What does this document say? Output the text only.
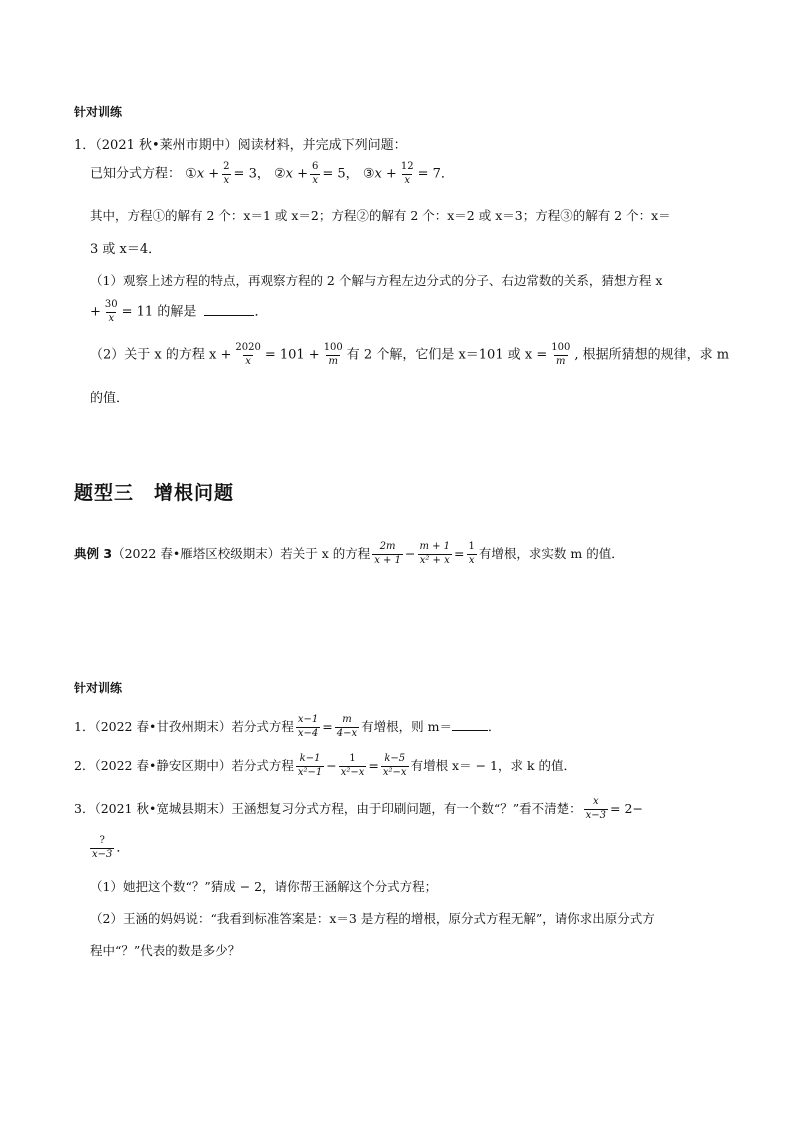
针对训练
1．（2021 秋•莱州市期中）阅读材料，并完成下列问题：
已知分式方程： ①x + $\frac{2}{x} = 3$， ②x + $\frac{6}{x} = 5$， ③x + $\frac{12}{x} = 7$．
其中，方程①的解有 2 个：x＝1 或 x＝2；方程②的解有 2 个：x＝2 或 x＝3；方程③的解有 2 个：x＝
3 或 x＝4．
（1）观察上述方程的特点，再观察方程的 2 个解与方程左边分式的分子、右边常数的关系，猜想方程 x
+ $\frac{30}{x} = 11$ 的解是	．
（2）关于 x 的方程 $x + \frac{2020}{x} = 101 + \frac{100}{m}$ 有 2 个解，它们是 x＝101 或 $x = \frac{100}{m}$ , 根据所猜想的规律，求 m
的值．
题型三　增根问题
典例 3（2022 春•雁塔区校级期末）若关于 x 的方程 $\frac{2m}{x + 1} - \frac{m + 1}{\text{x² + x}} = \frac{1}{x}$ 有增根，求实数 m 的值．
针对训练
1．（2022 春•甘孜州期末）若分式方程 $\frac{x-1}{x-4} = \frac{m}{4-x}$ 有增根，则 m＝	．
2．（2022 春•静安区期中）若分式方程 $\frac{k-1}{\text{x²−1}} - \frac{1}{\text{x²−x}} = \frac{k-5}{\text{x²−x}}$ 有增根 x＝ − 1，求 k 的值．
3．（2021 秋•宽城县期末）王涵想复习分式方程，由于印刷问题，有一个数“？”看不清楚： $\frac{x}{x-3} = 2-$
$\frac{?}{x-3}$ ．
（1）她把这个数“？”猜成 − 2，请你帮王涵解这个分式方程；
（2）王涵的妈妈说：“我看到标准答案是：x＝3 是方程的增根，原分式方程无解”，请你求出原分式方
程中“？”代表的数是多少？
